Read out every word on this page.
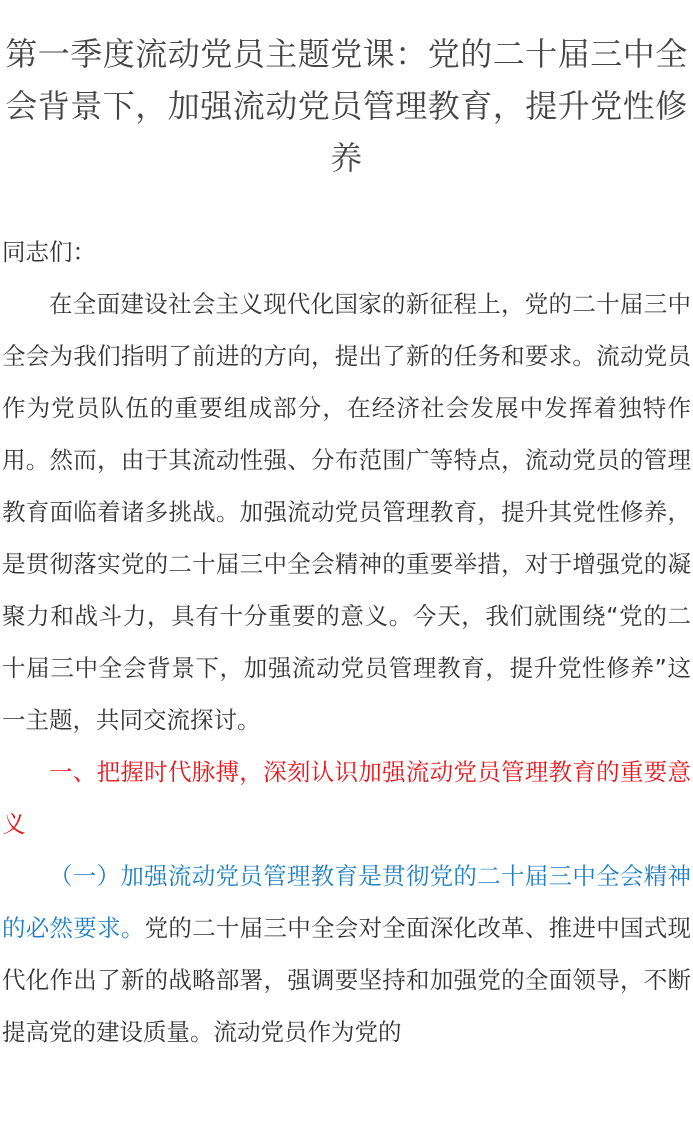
第一季度流动党员主题党课：党的二十届三中全会背景下，加强流动党员管理教育，提升党性修养

同志们：

在全面建设社会主义现代化国家的新征程上，党的二十届三中全会为我们指明了前进的方向，提出了新的任务和要求。流动党员作为党员队伍的重要组成部分，在经济社会发展中发挥着独特作用。然而，由于其流动性强、分布范围广等特点，流动党员的管理教育面临着诸多挑战。加强流动党员管理教育，提升其党性修养，是贯彻落实党的二十届三中全会精神的重要举措，对于增强党的凝聚力和战斗力，具有十分重要的意义。今天，我们就围绕“党的二十届三中全会背景下，加强流动党员管理教育，提升党性修养”这一主题，共同交流探讨。

一、把握时代脉搏，深刻认识加强流动党员管理教育的重要意义

（一）加强流动党员管理教育是贯彻党的二十届三中全会精神的必然要求。党的二十届三中全会对全面深化改革、推进中国式现代化作出了新的战略部署，强调要坚持和加强党的全面领导，不断提高党的建设质量。流动党员作为党的
